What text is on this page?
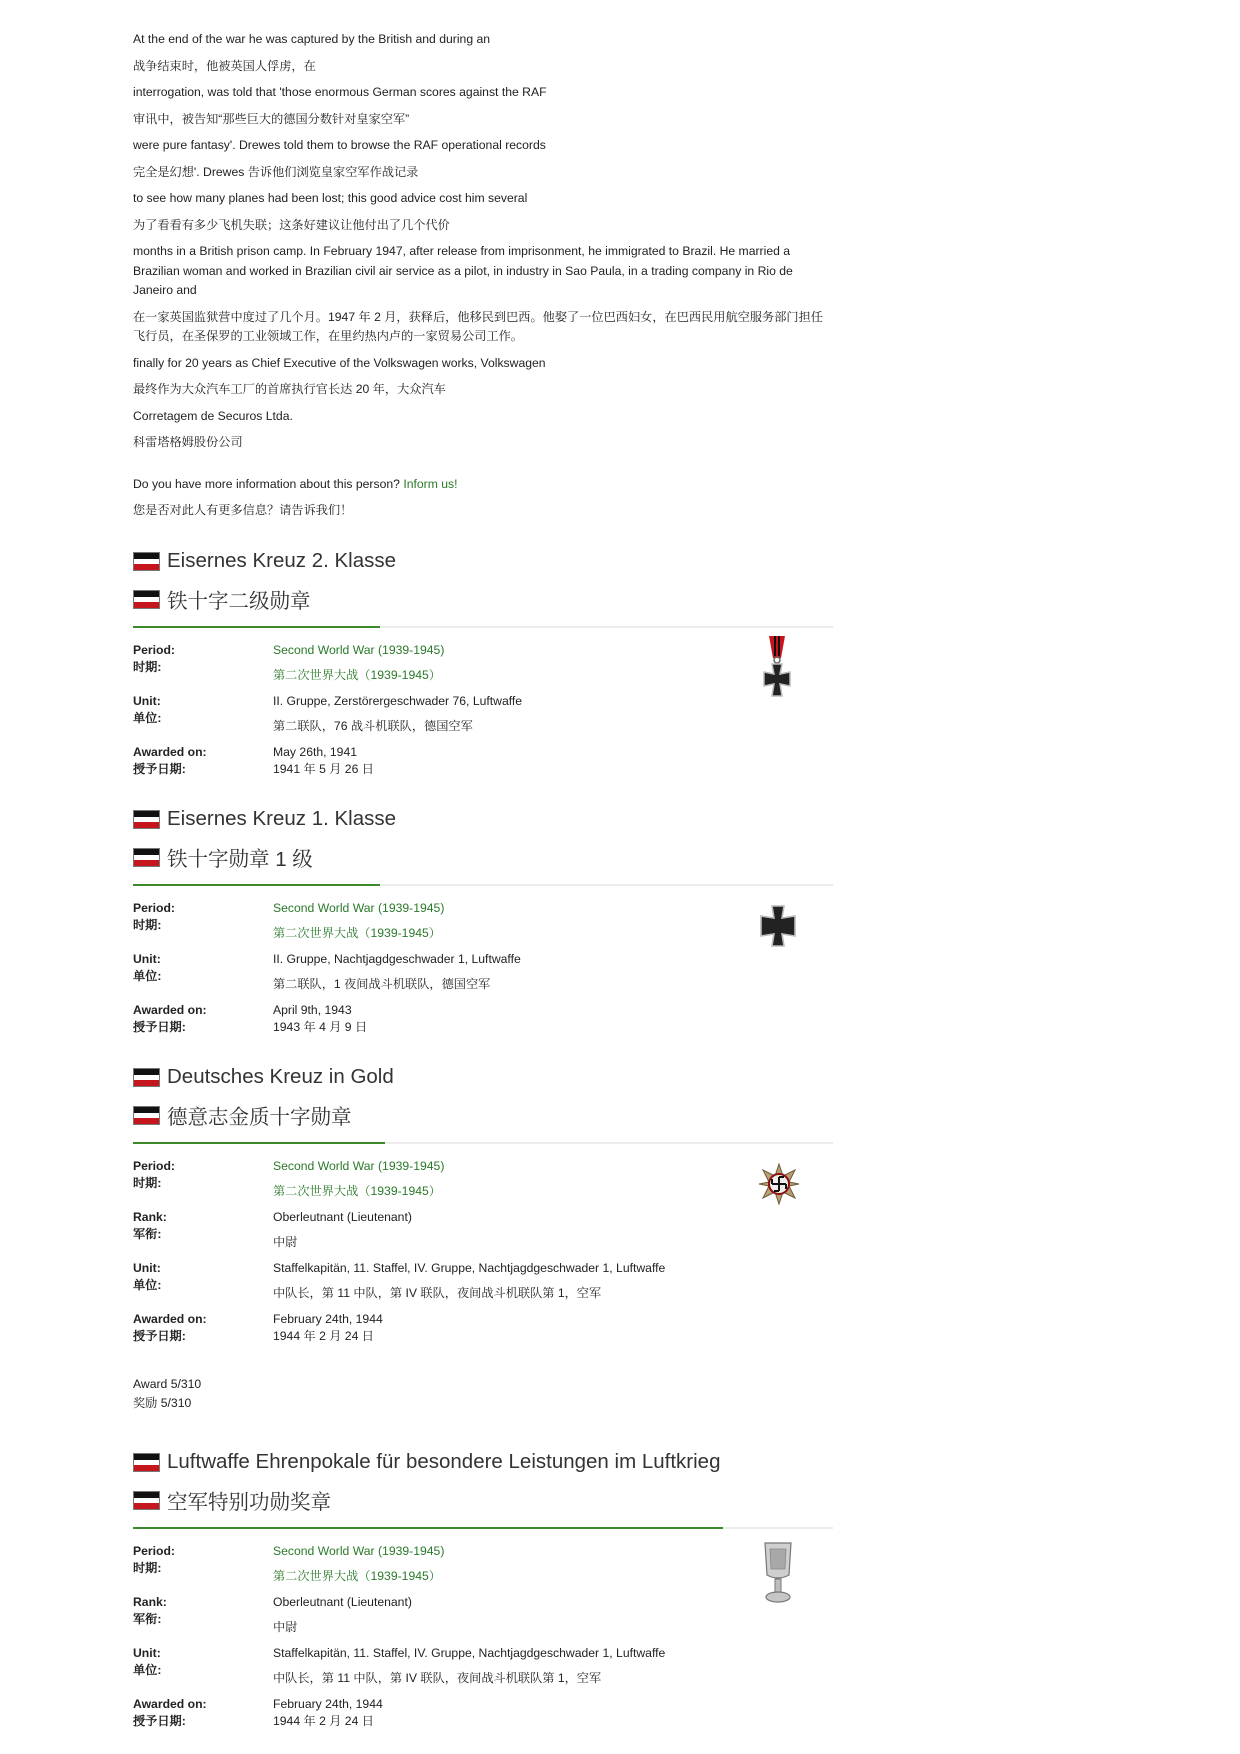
At the end of the war he was captured by the British and during an

战争结束时，他被英国人俘虏，在

interrogation, was told that 'those enormous German scores against the RAF

审讯中，被告知“那些巨大的德国分数针对皇家空军”

were pure fantasy'. Drewes told them to browse the RAF operational records

完全是幻想'. Drewes 告诉他们浏览皇家空军作战记录

to see how many planes had been lost; this good advice cost him several

为了看看有多少飞机失联；这条好建议让他付出了几个代价

months in a British prison camp. In February 1947, after release from imprisonment, he immigrated to Brazil. He married a Brazilian woman and worked in Brazilian civil air service as a pilot, in industry in Sao Paula, in a trading company in Rio de Janeiro and

在一家英国监狱营中度过了几个月。1947 年 2 月，获释后，他移民到巴西。他娶了一位巴西妇女，在巴西民用航空服务部门担任飞行员，在圣保罗的工业领域工作，在里约热内卢的一家贸易公司工作。

finally for 20 years as Chief Executive of the Volkswagen works, Volkswagen

最终作为大众汽车工厂的首席执行官长达 20 年，大众汽车

Corretagem de Securos Ltda.

科雷塔格姆股份公司

Do you have more information about this person? Inform us!

您是否对此人有更多信息？请告诉我们！

Eisernes Kreuz 2. Klasse
铁十字二级勋章
Period:
时期:
Second World War (1939-1945)
第二次世界大战（1939-1945）
Unit:
单位:
II. Gruppe, Zerstörergeschwader 76, Luftwaffe
第二联队，76 战斗机联队，德国空军
Awarded on:
授予日期:
May 26th, 1941
1941 年 5 月 26 日
Eisernes Kreuz 1. Klasse
铁十字勋章 1 级
Period:
时期:
Second World War (1939-1945)
第二次世界大战（1939-1945）
Unit:
单位:
II. Gruppe, Nachtjagdgeschwader 1, Luftwaffe
第二联队，1 夜间战斗机联队，德国空军
Awarded on:
授予日期:
April 9th, 1943
1943 年 4 月 9 日
Deutsches Kreuz in Gold
德意志金质十字勋章
Period:
时期:
Second World War (1939-1945)
第二次世界大战（1939-1945）
Rank:
军衔:
Oberleutnant (Lieutenant)
中尉
Unit:
单位:
Staffelkapitän, 11. Staffel, IV. Gruppe, Nachtjagdgeschwader 1, Luftwaffe
中队长，第 11 中队，第 IV 联队，夜间战斗机联队第 1，空军
Awarded on:
授予日期:
February 24th, 1944
1944 年 2 月 24 日
Award 5/310
奖励 5/310
Luftwaffe Ehrenpokale für besondere Leistungen im Luftkrieg
空军特别功勋奖章
Period:
时期:
Second World War (1939-1945)
第二次世界大战（1939-1945）
Rank:
军衔:
Oberleutnant (Lieutenant)
中尉
Unit:
单位:
Staffelkapitän, 11. Staffel, IV. Gruppe, Nachtjagdgeschwader 1, Luftwaffe
中队长，第 11 中队，第 IV 联队，夜间战斗机联队第 1，空军
Awarded on:
授予日期:
February 24th, 1944
1944 年 2 月 24 日
